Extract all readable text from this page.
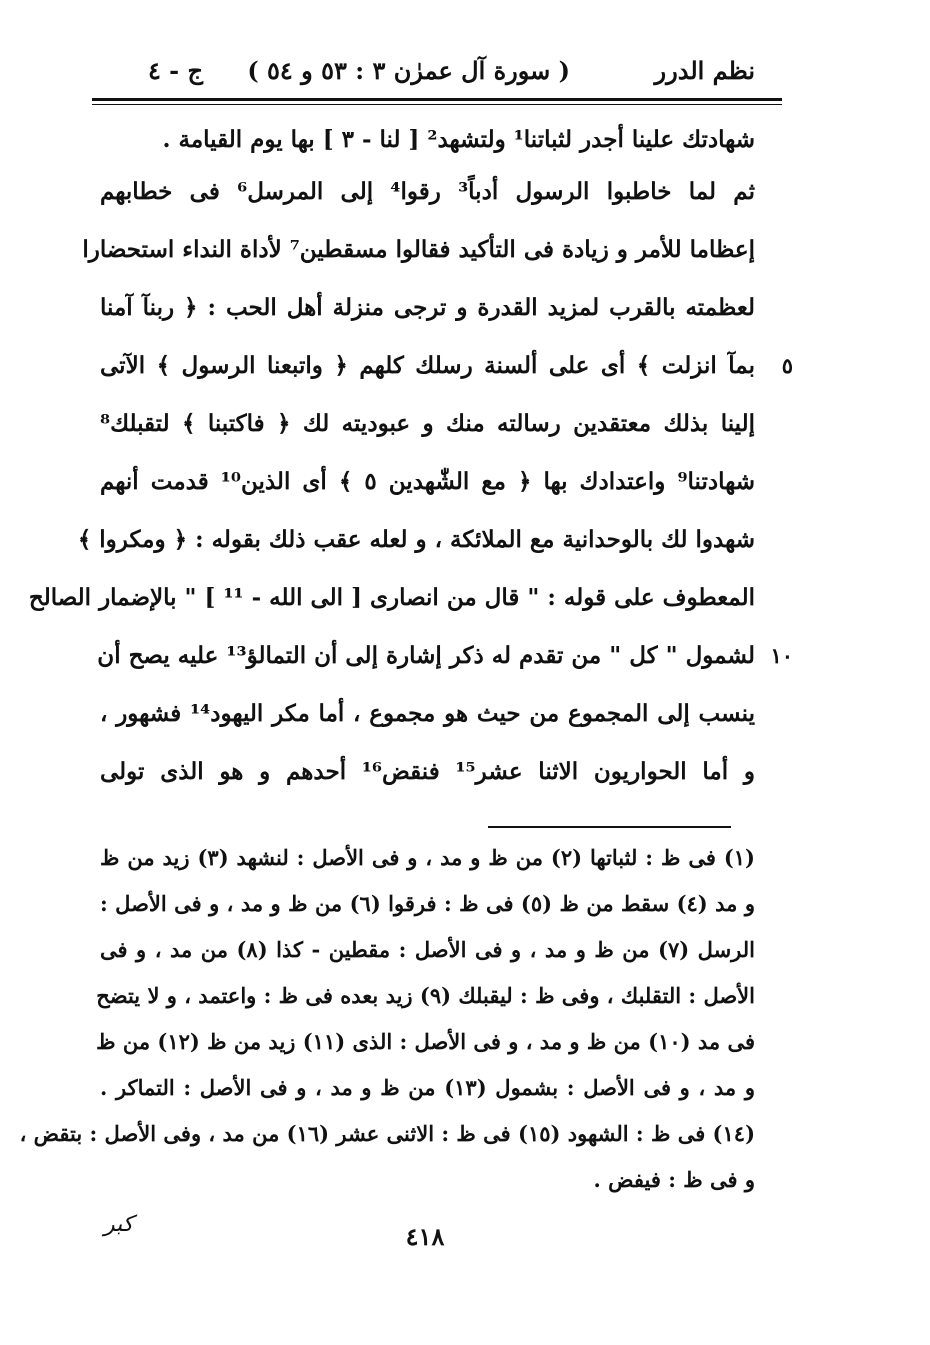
نظم الدرر
( سورة آل عمرٰن ٣ : ٥٣ و ٥٤ )
ج - ٤
شهادتك علينا أجدر لثباتنا¹ ولتشهد² [ لنا - ٣ ] بها يوم القيامة .
ثم لما خاطبوا الرسول أدباً³ رقوا⁴ إلى المرسل⁶ فى خطابهم
إعظاما للأمر و زيادة فى التأكيد فقالوا مسقطين⁷ لأداة النداء استحضارا
لعظمته بالقرب لمزيد القدرة و ترجى منزلة أهل الحب : ﴿ ربنآ آمنا
٥
بمآ انزلت ﴾ أى على ألسنة رسلك كلهم ﴿ واتبعنا الرسول ﴾ الآتى
إلينا بذلك معتقدين رسالته منك و عبوديته لك ﴿ فاكتبنا ﴾ لتقبلك⁸
شهادتنا⁹ واعتدادك بها ﴿ مع الشّٰهدين ٥ ﴾ أى الذين¹⁰ قدمت أنهم
شهدوا لك بالوحدانية مع الملائكة ، و لعله عقب ذلك بقوله : ﴿ ومكروا ﴾
المعطوف على قوله : " قال من انصارى [ الى الله - ¹¹ ] " بالإضمار الصالح
١٠
لشمول " كل " من تقدم له ذكر إشارة إلى أن التمالؤ¹³ عليه يصح أن
ينسب إلى المجموع من حيث هو مجموع ، أما مكر اليهود¹⁴ فشهور ،
و أما الحواريون الاثنا عشر¹⁵ فنقض¹⁶ أحدهم و هو الذى تولى
(١) فى ظ : لثباتها (٢) من ظ و مد ، و فى الأصل : لنشهد (٣) زيد من ظ
و مد (٤) سقط من ظ (٥) فى ظ : فرقوا (٦) من ظ و مد ، و فى الأصل :
الرسل (٧) من ظ و مد ، و فى الأصل : مقطين - كذا (٨) من مد ، و فى
الأصل : التقلبك ، وفى ظ : ليقبلك (٩) زيد بعده فى ظ : واعتمد ، و لا يتضح
فى مد (١٠) من ظ و مد ، و فى الأصل : الذى (١١) زيد من ظ (١٢) من ظ
و مد ، و فى الأصل : بشمول (١٣) من ظ و مد ، و فى الأصل : التماكر .
(١٤) فى ظ : الشهود (١٥) فى ظ : الاثنى عشر (١٦) من مد ، وفى الأصل : بتقض ،
و فى ظ : فيفض .
٤١٨
كبر
